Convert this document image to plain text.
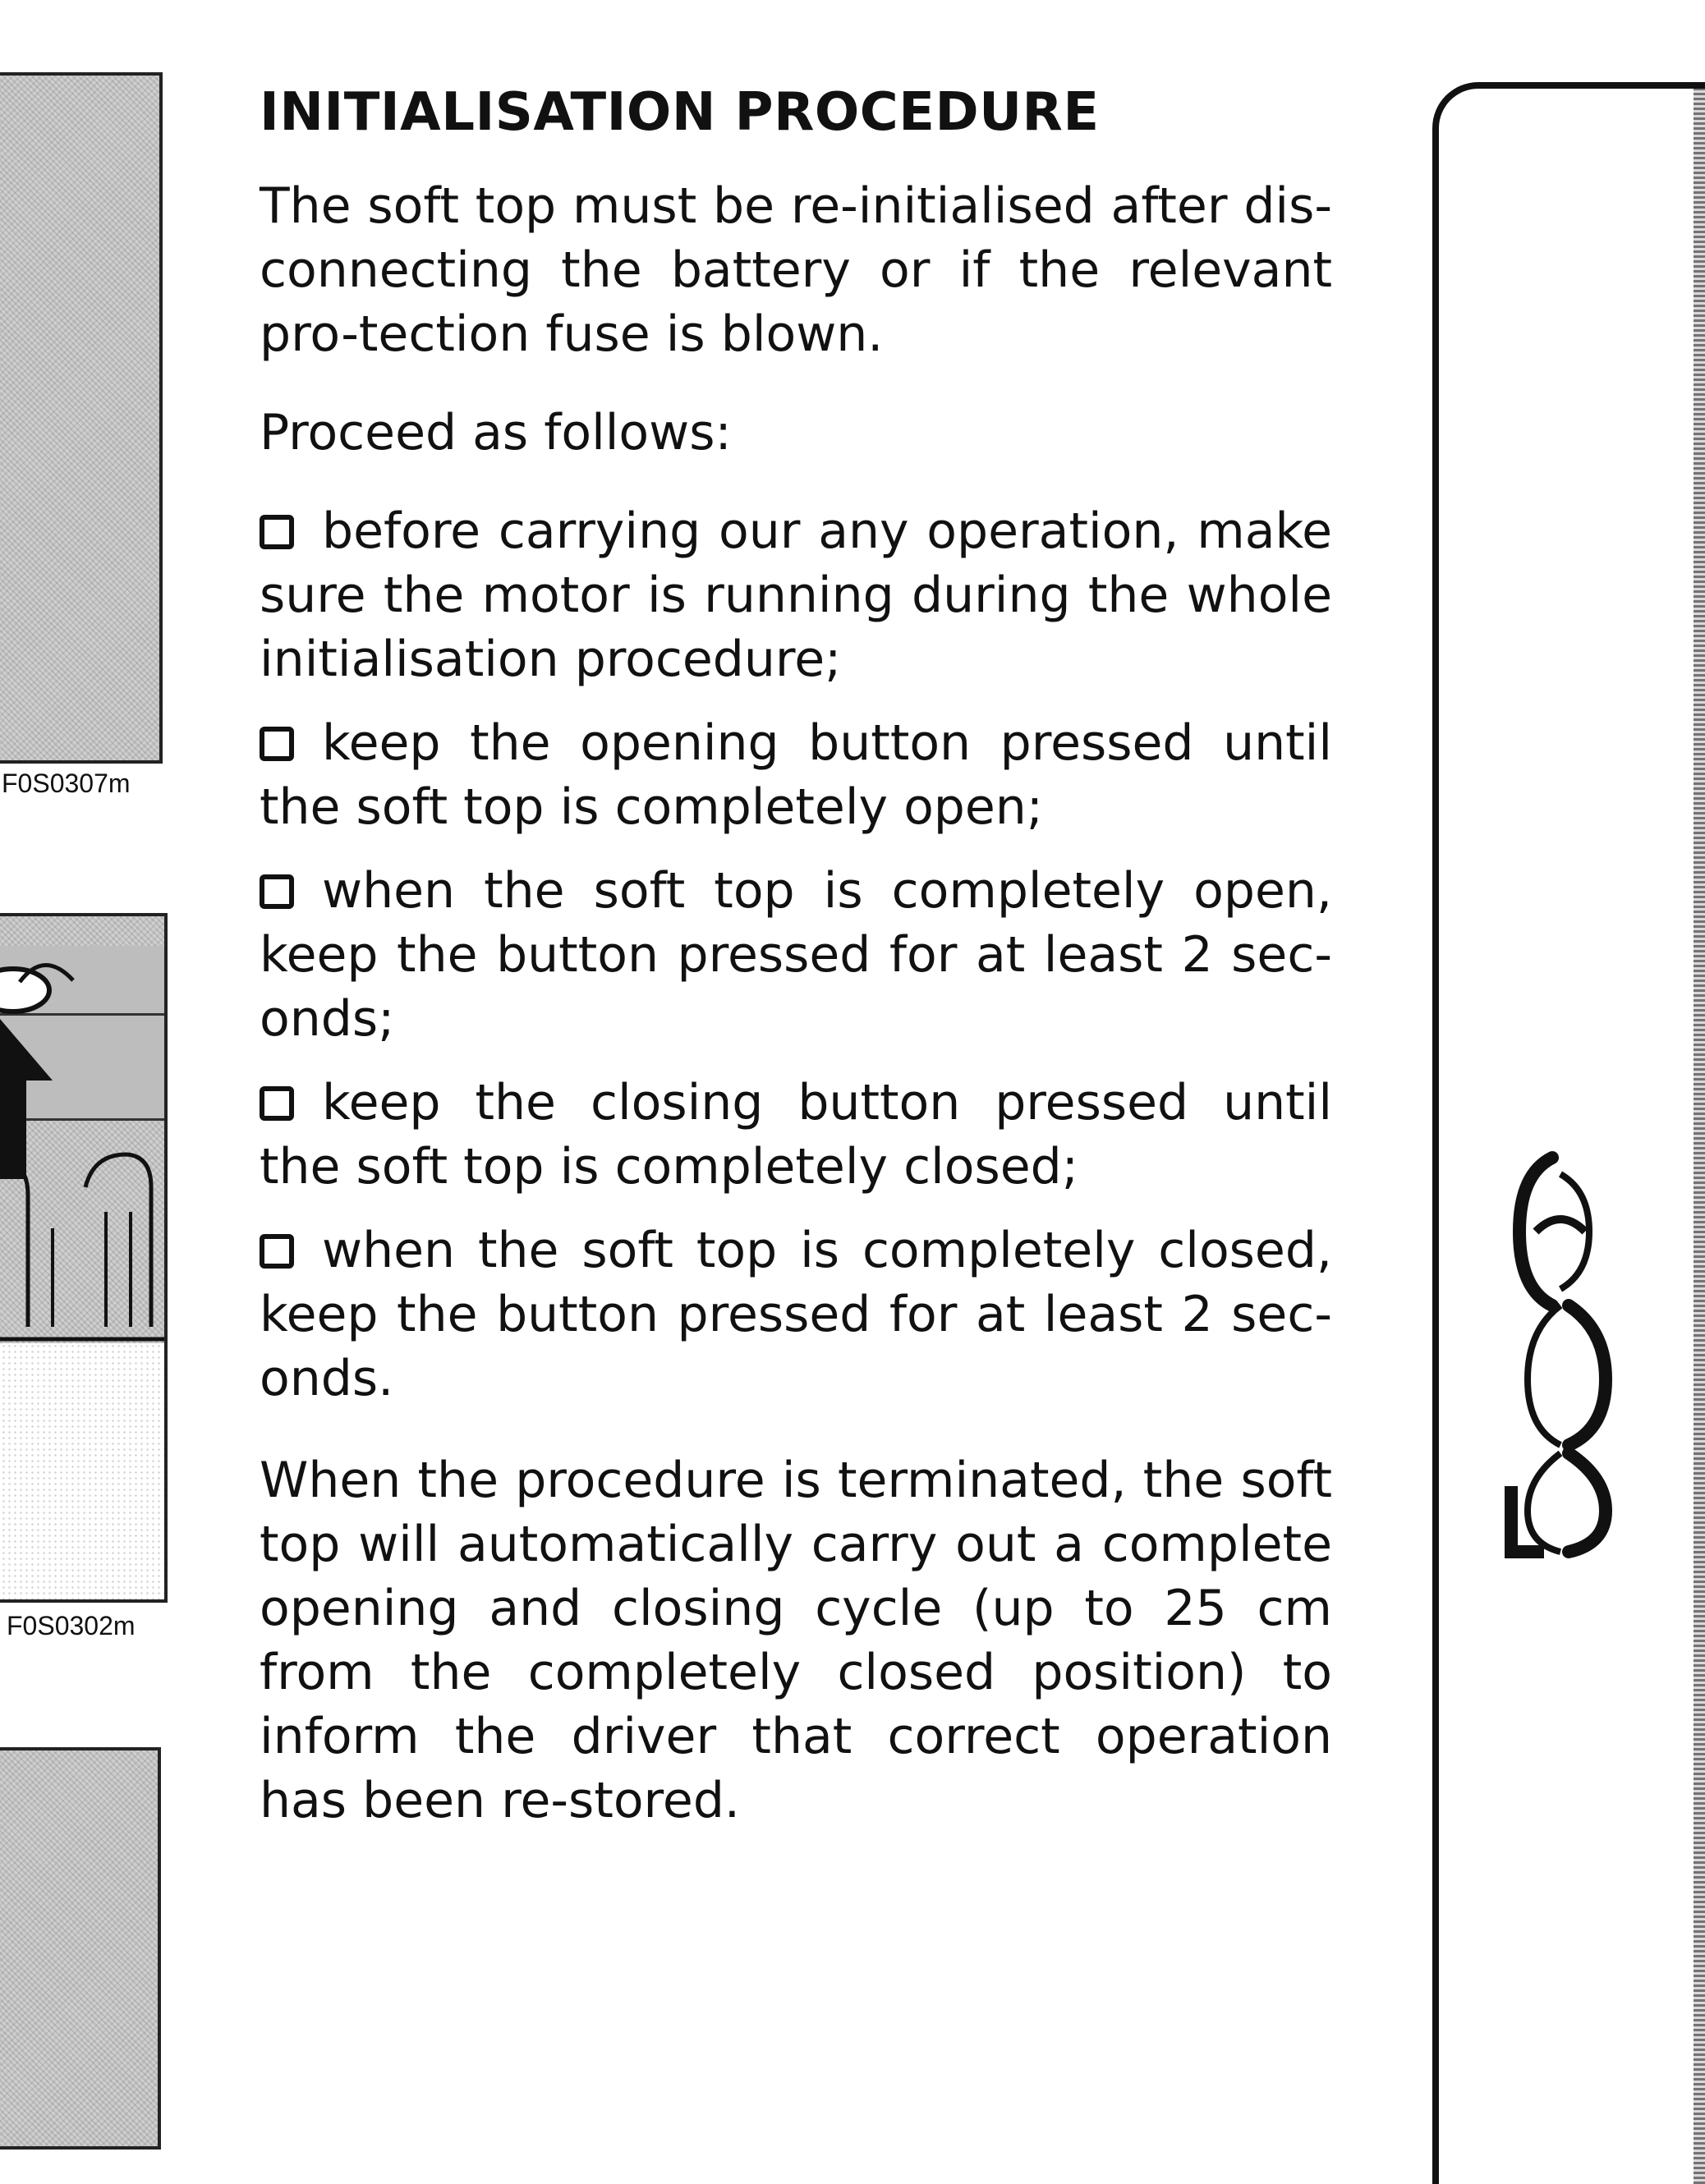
F0S0307m
F0S0302m
INITIALISATION PROCEDURE

The soft top must be re-initialised after dis-connecting the battery or if the relevant pro-tection fuse is blown.

Proceed as follows:

before carrying our any operation, make sure the motor is running during the whole initialisation procedure;
keep the opening button pressed until the soft top is completely open;
when the soft top is completely open, keep the button pressed for at least 2 sec-onds;
keep the closing button pressed until the soft top is completely closed;
when the soft top is completely closed, keep the button pressed for at least 2 sec-onds.

When the procedure is terminated, the soft top will automatically carry out a complete opening and closing cycle (up to 25 cm from the completely closed position) to inform the driver that correct operation has been re-stored.
